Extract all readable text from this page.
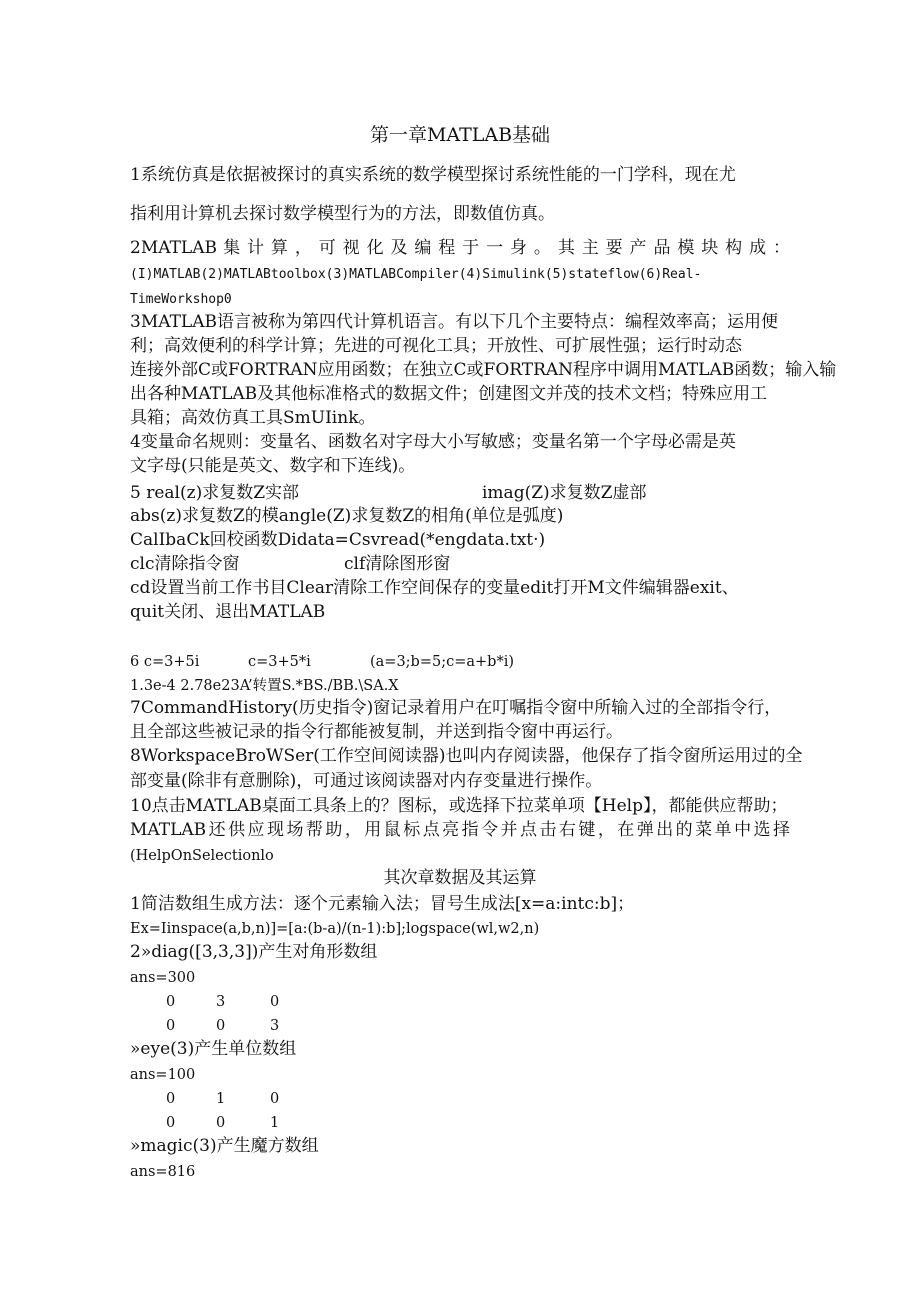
第一章MATLAB基础
1系统仿真是依据被探讨的真实系统的数学模型探讨系统性能的一门学科，现在尤
指利用计算机去探讨数学模型行为的方法，即数值仿真。
2MATLAB 集 计 算 ， 可 视 化 及 编 程 于 一 身 。 其 主 要 产 品 模 块 构 成 ：
(I)MATLAB(2)MATLABtoolbox(3)MATLABCompiler(4)Simulink(5)stateflow(6)Real-
TimeWorkshop0
3MATLAB语言被称为第四代计算机语言。有以下几个主要特点：编程效率高；运用便
利；高效便利的科学计算；先进的可视化工具；开放性、可扩展性强；运行时动态
连接外部C或FORTRAN应用函数；在独立C或FORTRAN程序中调用MATLAB函数；输入输
出各种MATLAB及其他标准格式的数据文件；创建图文并茂的技术文档；特殊应用工
具箱；高效仿真工具SmUIink。
4变量命名规则：变量名、函数名对字母大小写敏感；变量名第一个字母必需是英
文字母(只能是英文、数字和下连线)。
5 real(z)求复数Z实部	imag(Z)求复数Z虚部
abs(z)求复数Z的模angle(Z)求复数Z的相角(单位是弧度)
CalIbaCk回校函数Didata=Csvread(*engdata.txt·)
clc清除指令窗	clf清除图形窗
cd设置当前工作书目Clear清除工作空间保存的变量edit打开M文件编辑器exit、
quit关闭、退出MATLAB
6 c=3+5i	c=3+5*i	(a=3;b=5;c=a+b*i)
1.3e-4 2.78e23A’转置S.*BS./BB.\SA.X
7CommandHistory(历史指令)窗记录着用户在叮嘱指令窗中所输入过的全部指令行，
且全部这些被记录的指令行都能被复制，并送到指令窗中再运行。
8WorkspaceBroWSer(工作空间阅读器)也叫内存阅读器，他保存了指令窗所运用过的全
部变量(除非有意删除)，可通过该阅读器对内存变量进行操作。
10点击MATLAB桌面工具条上的？图标，或选择下拉菜单项【Help】，都能供应帮助；
MATLAB还供应现场帮助，用鼠标点亮指令并点击右键，在弹出的菜单中选择
(HelpOnSelectionlo
其次章数据及其运算
1简洁数组生成方法：逐个元素输入法；冒号生成法[x=a:intc:b]；
Ex=Iinspace(a,b,n)]=[a:(b-a)/(n-1):b];logspace(wl,w2,n)
2»diag([3,3,3])产生对角形数组
ans=300
0	3	0
0	0	3
»eye(3)产生单位数组
ans=100
0	1	0
0	0	1
»magic(3)产生魔方数组
ans=816
